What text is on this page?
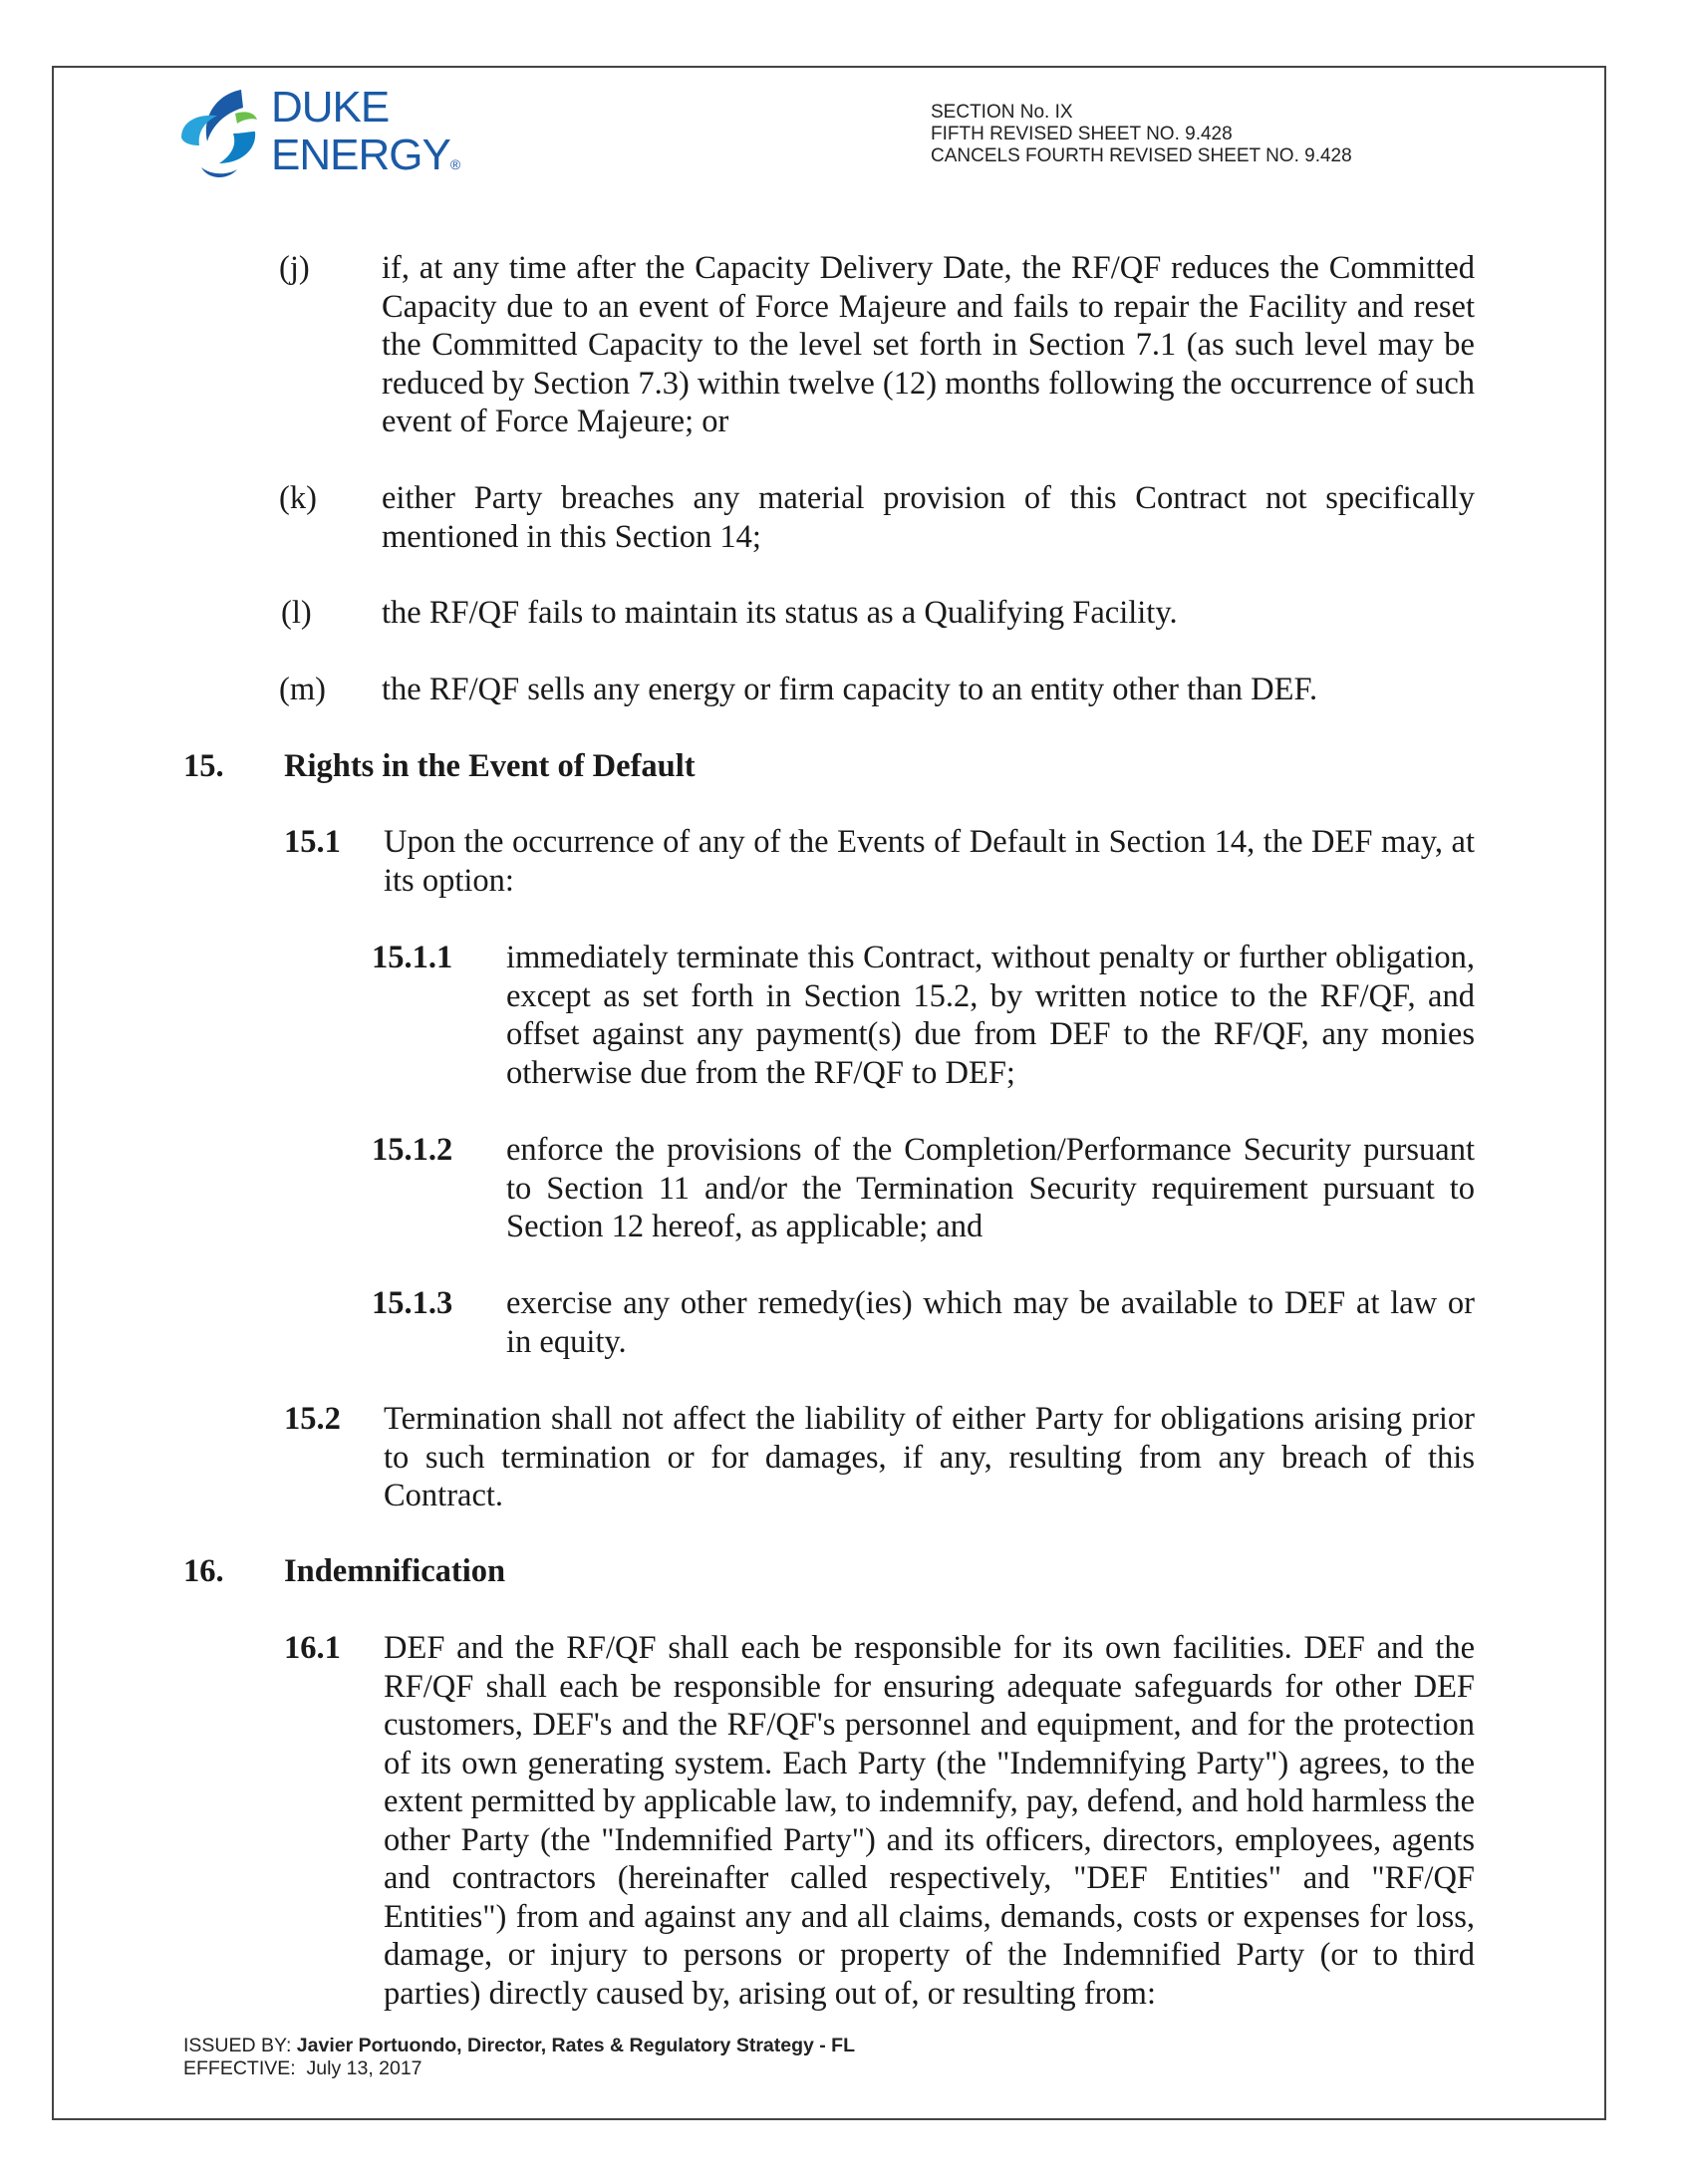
DUKE
ENERGY®
SECTION No. IX
FIFTH REVISED SHEET NO. 9.428
CANCELS FOURTH REVISED SHEET NO. 9.428
(j) if, at any time after the Capacity Delivery Date, the RF/QF reduces the Committed Capacity due to an event of Force Majeure and fails to repair the Facility and reset the Committed Capacity to the level set forth in Section 7.1 (as such level may be reduced by Section 7.3) within twelve (12) months following the occurrence of such event of Force Majeure; or
(k) either Party breaches any material provision of this Contract not specifically mentioned in this Section 14;
(l) the RF/QF fails to maintain its status as a Qualifying Facility.
(m) the RF/QF sells any energy or firm capacity to an entity other than DEF.
15. Rights in the Event of Default
15.1 Upon the occurrence of any of the Events of Default in Section 14, the DEF may, at its option:
15.1.1 immediately terminate this Contract, without penalty or further obligation, except as set forth in Section 15.2, by written notice to the RF/QF, and offset against any payment(s) due from DEF to the RF/QF, any monies otherwise due from the RF/QF to DEF;
15.1.2 enforce the provisions of the Completion/Performance Security pursuant to Section 11 and/or the Termination Security requirement pursuant to Section 12 hereof, as applicable; and
15.1.3 exercise any other remedy(ies) which may be available to DEF at law or in equity.
15.2 Termination shall not affect the liability of either Party for obligations arising prior to such termination or for damages, if any, resulting from any breach of this Contract.
16. Indemnification
16.1 DEF and the RF/QF shall each be responsible for its own facilities. DEF and the RF/QF shall each be responsible for ensuring adequate safeguards for other DEF customers, DEF's and the RF/QF's personnel and equipment, and for the protection of its own generating system. Each Party (the "Indemnifying Party") agrees, to the extent permitted by applicable law, to indemnify, pay, defend, and hold harmless the other Party (the "Indemnified Party") and its officers, directors, employees, agents and contractors (hereinafter called respectively, "DEF Entities" and "RF/QF Entities") from and against any and all claims, demands, costs or expenses for loss, damage, or injury to persons or property of the Indemnified Party (or to third parties) directly caused by, arising out of, or resulting from:
ISSUED BY: Javier Portuondo, Director, Rates & Regulatory Strategy - FL
EFFECTIVE: July 13, 2017
